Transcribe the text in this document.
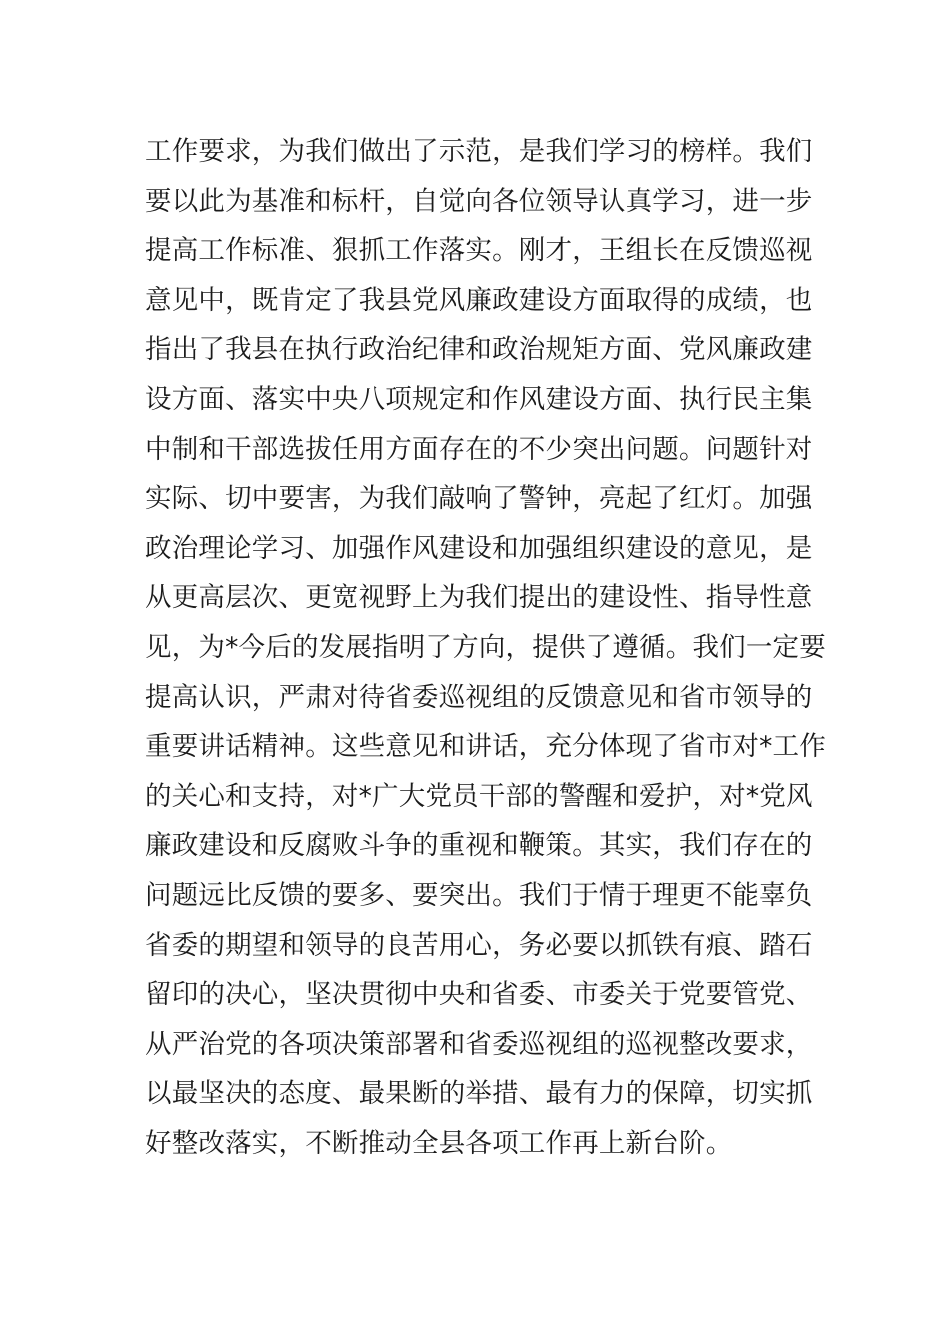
工作要求，为我们做出了示范，是我们学习的榜样。我们
要以此为基准和标杆，自觉向各位领导认真学习，进一步
提高工作标准、狠抓工作落实。刚才，王组长在反馈巡视
意见中，既肯定了我县党风廉政建设方面取得的成绩，也
指出了我县在执行政治纪律和政治规矩方面、党风廉政建
设方面、落实中央八项规定和作风建设方面、执行民主集
中制和干部选拔任用方面存在的不少突出问题。问题针对
实际、切中要害，为我们敲响了警钟，亮起了红灯。加强
政治理论学习、加强作风建设和加强组织建设的意见，是
从更高层次、更宽视野上为我们提出的建设性、指导性意
见，为*今后的发展指明了方向，提供了遵循。我们一定要
提高认识，严肃对待省委巡视组的反馈意见和省市领导的
重要讲话精神。这些意见和讲话，充分体现了省市对*工作
的关心和支持，对*广大党员干部的警醒和爱护，对*党风
廉政建设和反腐败斗争的重视和鞭策。其实，我们存在的
问题远比反馈的要多、要突出。我们于情于理更不能辜负
省委的期望和领导的良苦用心，务必要以抓铁有痕、踏石
留印的决心，坚决贯彻中央和省委、市委关于党要管党、
从严治党的各项决策部署和省委巡视组的巡视整改要求，
以最坚决的态度、最果断的举措、最有力的保障，切实抓
好整改落实，不断推动全县各项工作再上新台阶。
